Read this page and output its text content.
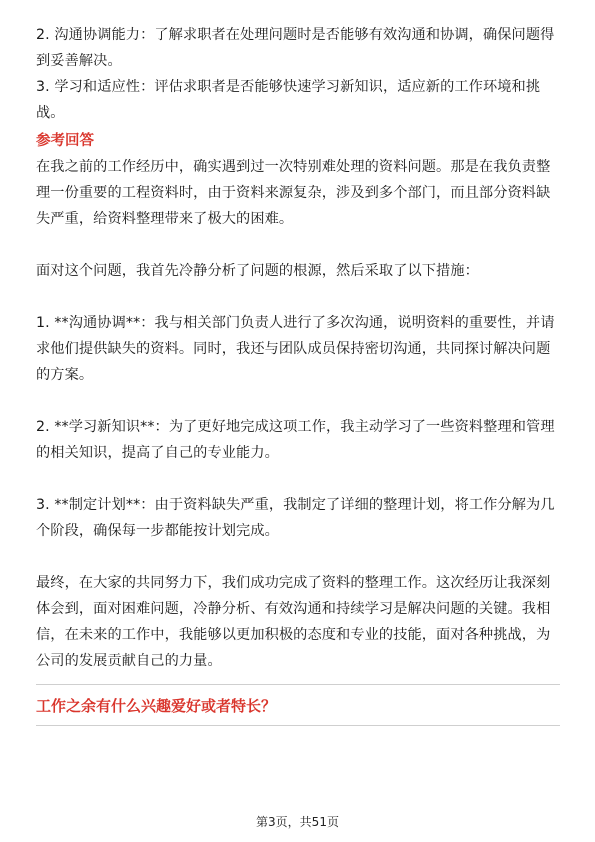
2. 沟通协调能力：了解求职者在处理问题时是否能够有效沟通和协调，确保问题得到妥善解决。

3. 学习和适应性：评估求职者是否能够快速学习新知识，适应新的工作环境和挑战。

参考回答

在我之前的工作经历中，确实遇到过一次特别难处理的资料问题。那是在我负责整理一份重要的工程资料时，由于资料来源复杂，涉及到多个部门，而且部分资料缺失严重，给资料整理带来了极大的困难。

面对这个问题，我首先冷静分析了问题的根源，然后采取了以下措施：

1. **沟通协调**：我与相关部门负责人进行了多次沟通，说明资料的重要性，并请求他们提供缺失的资料。同时，我还与团队成员保持密切沟通，共同探讨解决问题的方案。

2. **学习新知识**：为了更好地完成这项工作，我主动学习了一些资料整理和管理的相关知识，提高了自己的专业能力。

3. **制定计划**：由于资料缺失严重，我制定了详细的整理计划，将工作分解为几个阶段，确保每一步都能按计划完成。

最终，在大家的共同努力下，我们成功完成了资料的整理工作。这次经历让我深刻体会到，面对困难问题，冷静分析、有效沟通和持续学习是解决问题的关键。我相信，在未来的工作中，我能够以更加积极的态度和专业的技能，面对各种挑战，为公司的发展贡献自己的力量。

工作之余有什么兴趣爱好或者特长？

第3页，共51页
